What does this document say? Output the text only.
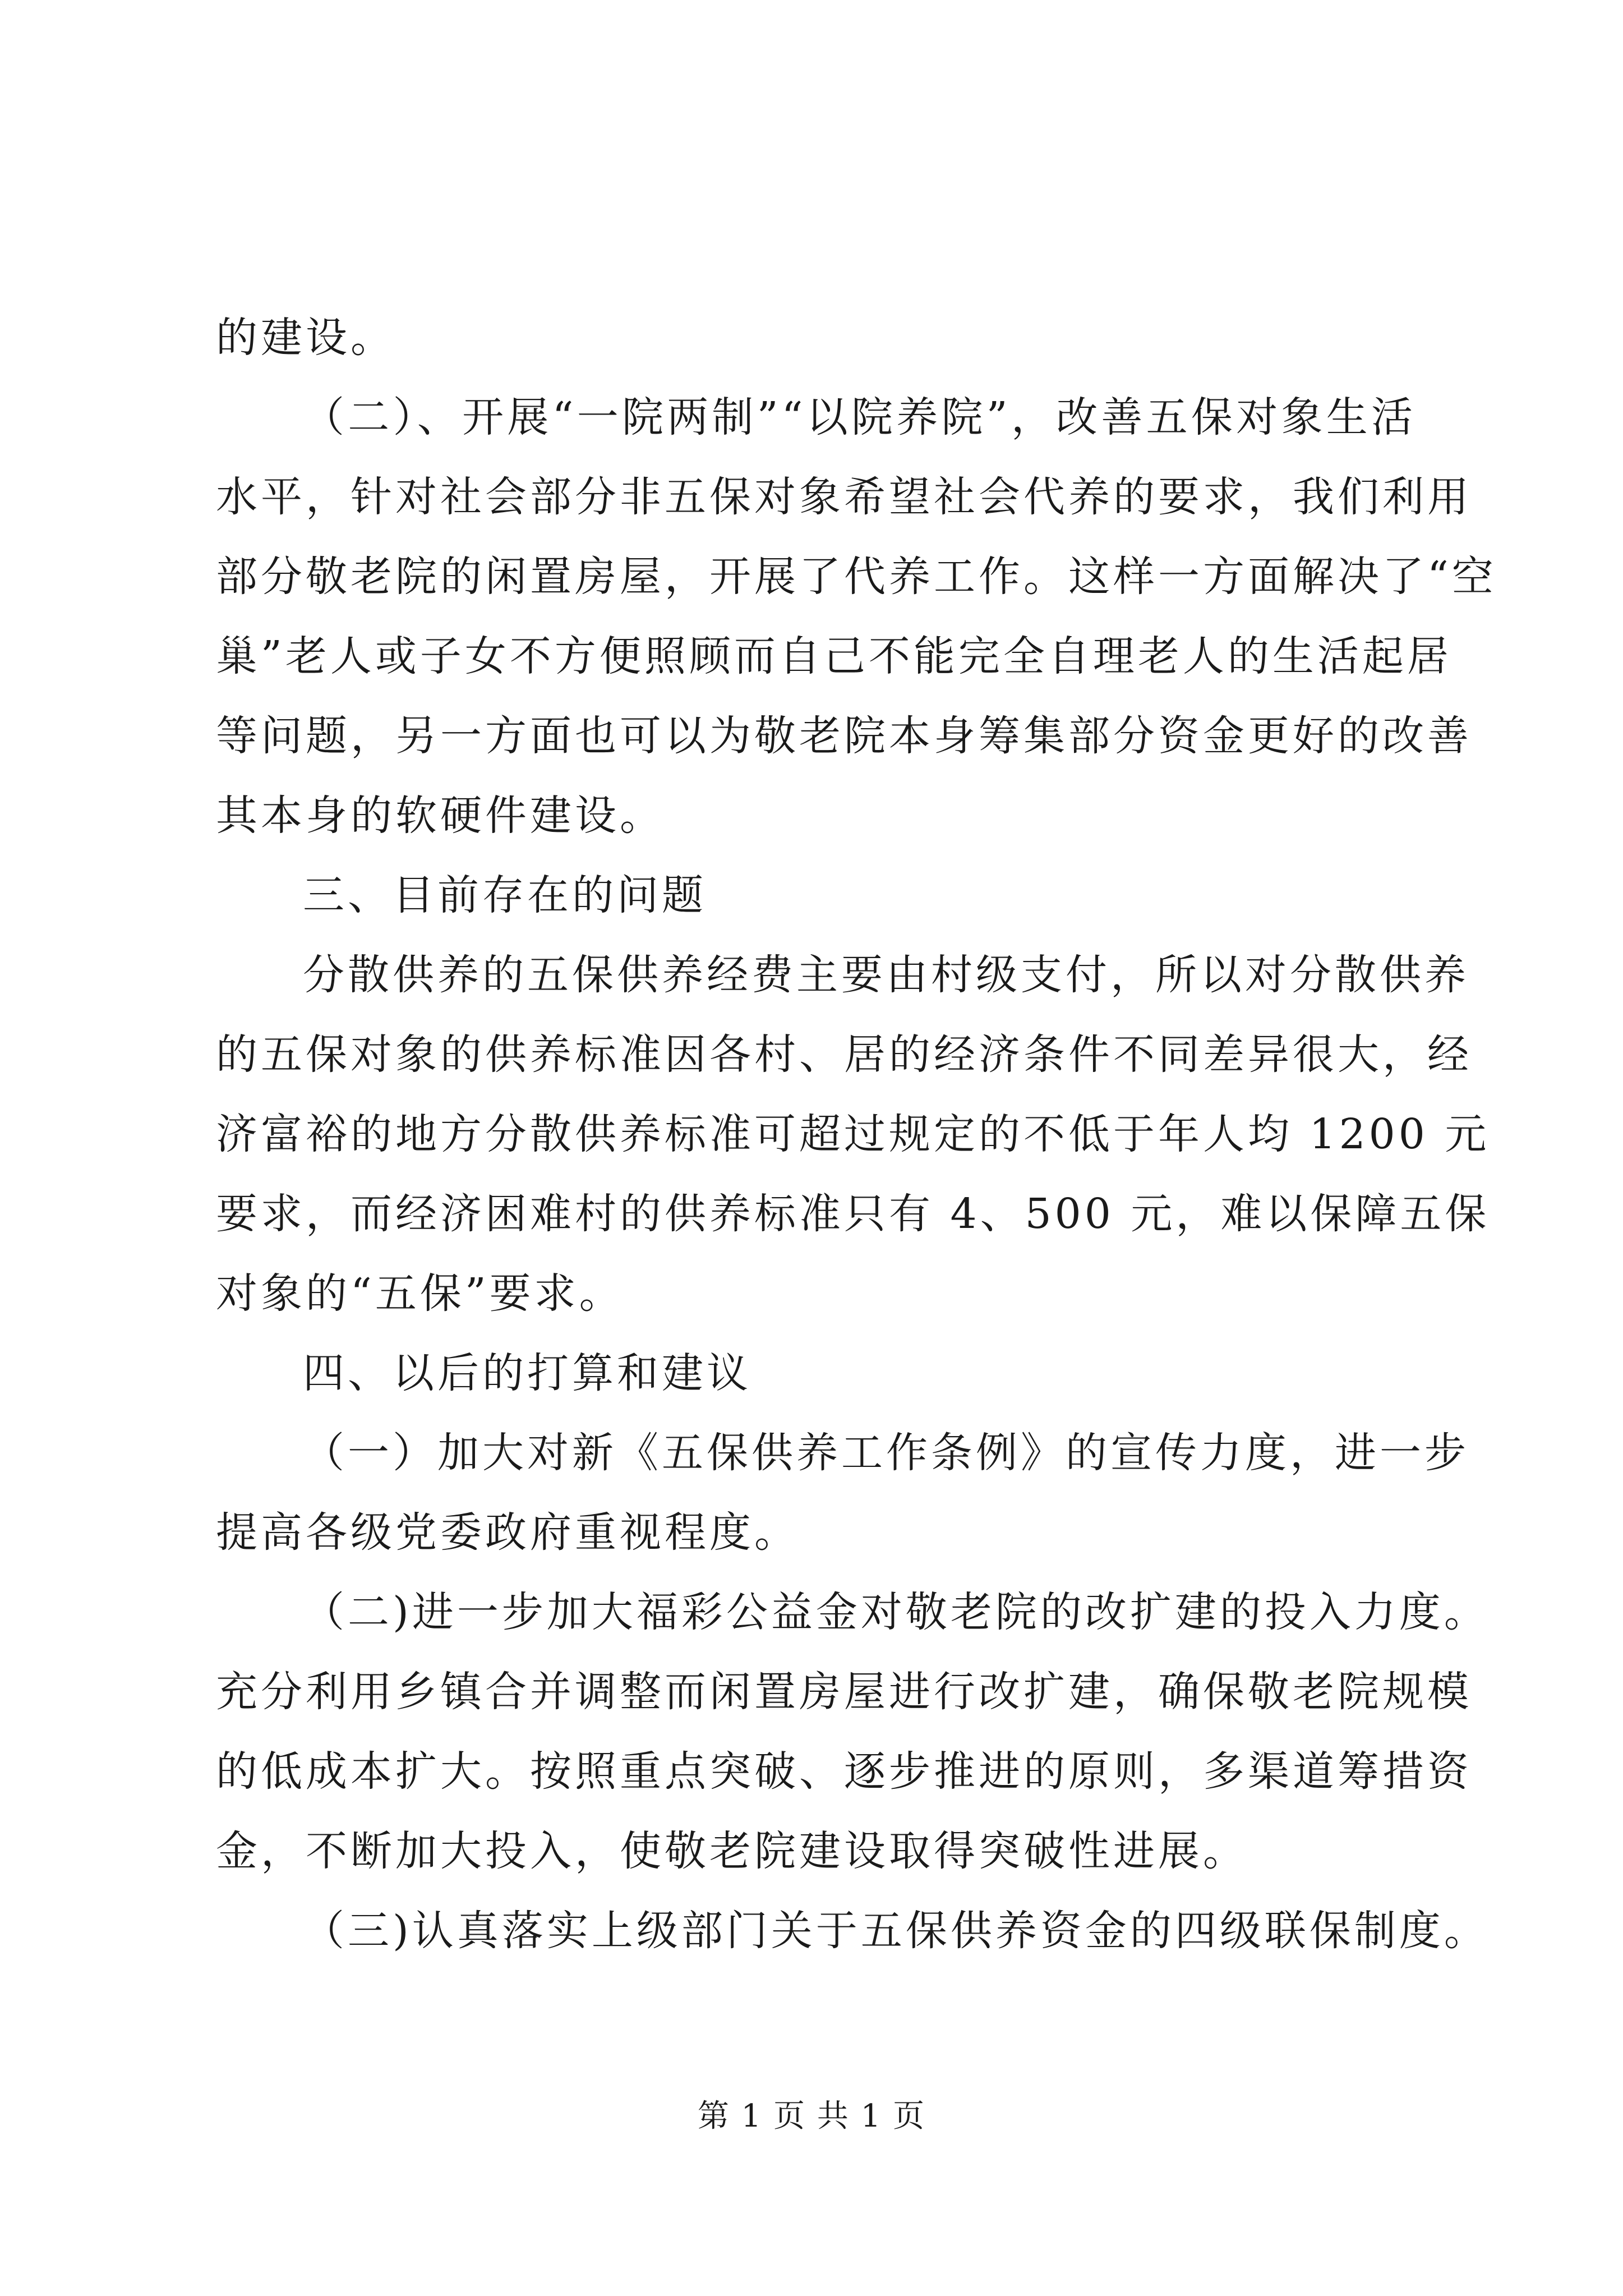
的建设。
（二）、开展“一院两制”“以院养院”，改善五保对象生活
水平，针对社会部分非五保对象希望社会代养的要求，我们利用
部分敬老院的闲置房屋，开展了代养工作。这样一方面解决了“空
巢”老人或子女不方便照顾而自己不能完全自理老人的生活起居
等问题，另一方面也可以为敬老院本身筹集部分资金更好的改善
其本身的软硬件建设。
三、目前存在的问题
分散供养的五保供养经费主要由村级支付，所以对分散供养
的五保对象的供养标准因各村、居的经济条件不同差异很大，经
济富裕的地方分散供养标准可超过规定的不低于年人均 1200 元
要求，而经济困难村的供养标准只有 4、500 元，难以保障五保
对象的“五保”要求。
四、以后的打算和建议
（一）加大对新《五保供养工作条例》的宣传力度，进一步
提高各级党委政府重视程度。
（二)进一步加大福彩公益金对敬老院的改扩建的投入力度。
充分利用乡镇合并调整而闲置房屋进行改扩建，确保敬老院规模
的低成本扩大。按照重点突破、逐步推进的原则，多渠道筹措资
金，不断加大投入，使敬老院建设取得突破性进展。
（三)认真落实上级部门关于五保供养资金的四级联保制度。
第 1 页 共 1 页
